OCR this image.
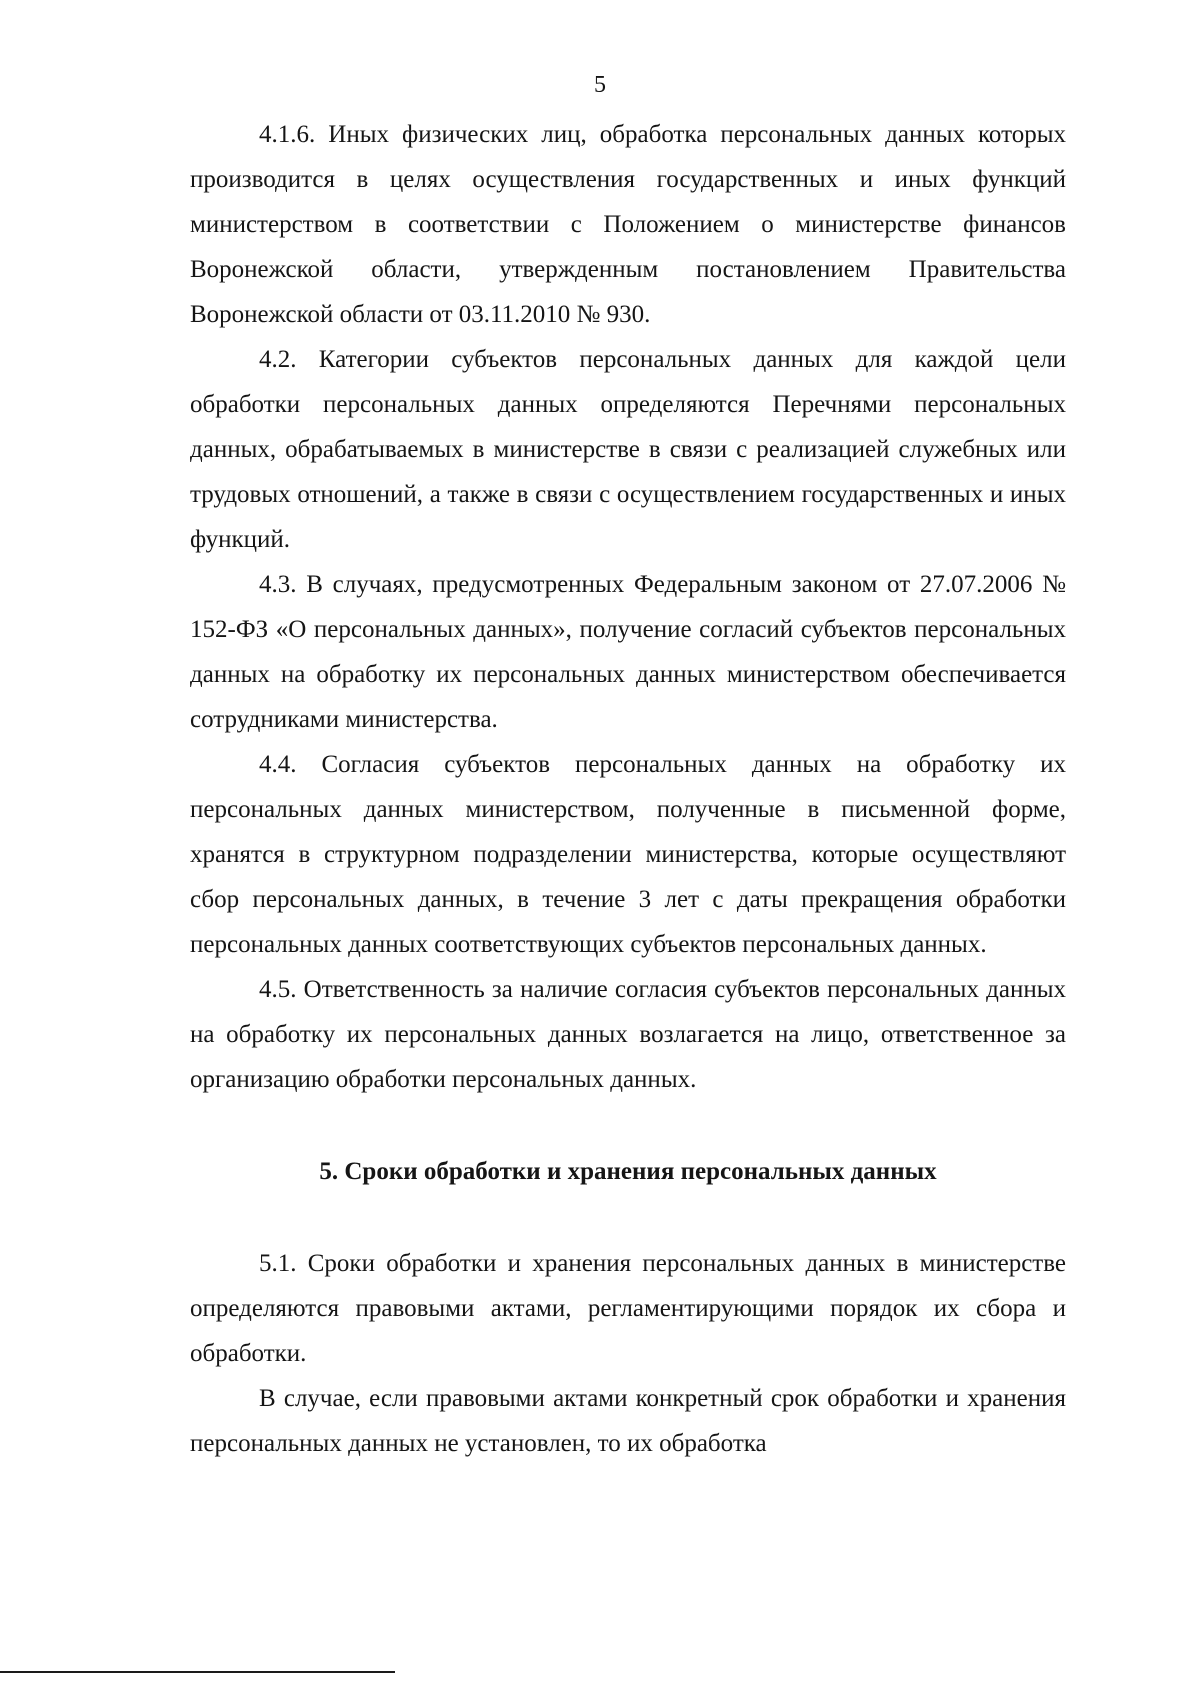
5

4.1.6. Иных физических лиц, обработка персональных данных которых производится в целях осуществления государственных и иных функций министерством в соответствии с Положением о министерстве финансов Воронежской области, утвержденным постановлением Правительства Воронежской области от 03.11.2010 № 930.

4.2. Категории субъектов персональных данных для каждой цели обработки персональных данных определяются Перечнями персональных данных, обрабатываемых в министерстве в связи с реализацией служебных или трудовых отношений, а также в связи с осуществлением государственных и иных функций.

4.3. В случаях, предусмотренных Федеральным законом от 27.07.2006 № 152-ФЗ «О персональных данных», получение согласий субъектов персональных данных на обработку их персональных данных министерством обеспечивается сотрудниками министерства.

4.4. Согласия субъектов персональных данных на обработку их персональных данных министерством, полученные в письменной форме, хранятся в структурном подразделении министерства, которые осуществляют сбор персональных данных, в течение 3 лет с даты прекращения обработки персональных данных соответствующих субъектов персональных данных.

4.5. Ответственность за наличие согласия субъектов персональных данных на обработку их персональных данных возлагается на лицо, ответственное за организацию обработки персональных данных.

5. Сроки обработки и хранения персональных данных

5.1. Сроки обработки и хранения персональных данных в министерстве определяются правовыми актами, регламентирующими порядок их сбора и обработки.

В случае, если правовыми актами конкретный срок обработки и хранения персональных данных не установлен, то их обработка
